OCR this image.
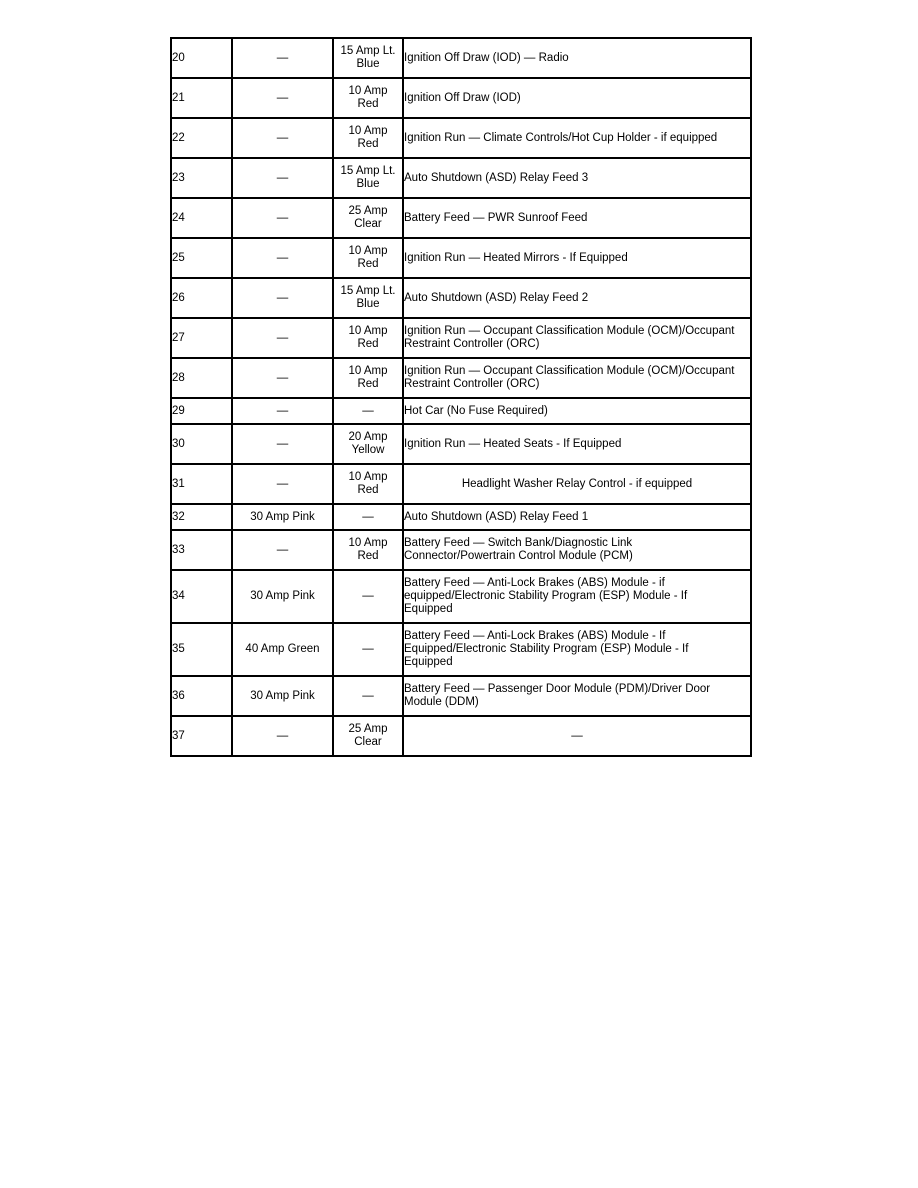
20	—	15 Amp Lt.
Blue	Ignition Off Draw (IOD) — Radio
21	—	10 Amp
Red	Ignition Off Draw (IOD)
22	—	10 Amp
Red	Ignition Run — Climate Controls/Hot Cup Holder - if equipped
23	—	15 Amp Lt.
Blue	Auto Shutdown (ASD) Relay Feed 3
24	—	25 Amp
Clear	Battery Feed — PWR Sunroof Feed
25	—	10 Amp
Red	Ignition Run — Heated Mirrors - If Equipped
26	—	15 Amp Lt.
Blue	Auto Shutdown (ASD) Relay Feed 2
27	—	10 Amp
Red	Ignition Run — Occupant Classification Module (OCM)/Occupant
Restraint Controller (ORC)
28	—	10 Amp
Red	Ignition Run — Occupant Classification Module (OCM)/Occupant
Restraint Controller (ORC)
29	—	—	Hot Car (No Fuse Required)
30	—	20 Amp
Yellow	Ignition Run — Heated Seats - If Equipped
31	—	10 Amp
Red	Headlight Washer Relay Control - if equipped
32	30 Amp Pink	—	Auto Shutdown (ASD) Relay Feed 1
33	—	10 Amp
Red	Battery Feed — Switch Bank/Diagnostic Link
Connector/Powertrain Control Module (PCM)
34	30 Amp Pink	—	Battery Feed — Anti-Lock Brakes (ABS) Module - if
equipped/Electronic Stability Program (ESP) Module - If
Equipped
35	40 Amp Green	—	Battery Feed — Anti-Lock Brakes (ABS) Module - If
Equipped/Electronic Stability Program (ESP) Module - If
Equipped
36	30 Amp Pink	—	Battery Feed — Passenger Door Module (PDM)/Driver Door
Module (DDM)
37	—	25 Amp
Clear	—
